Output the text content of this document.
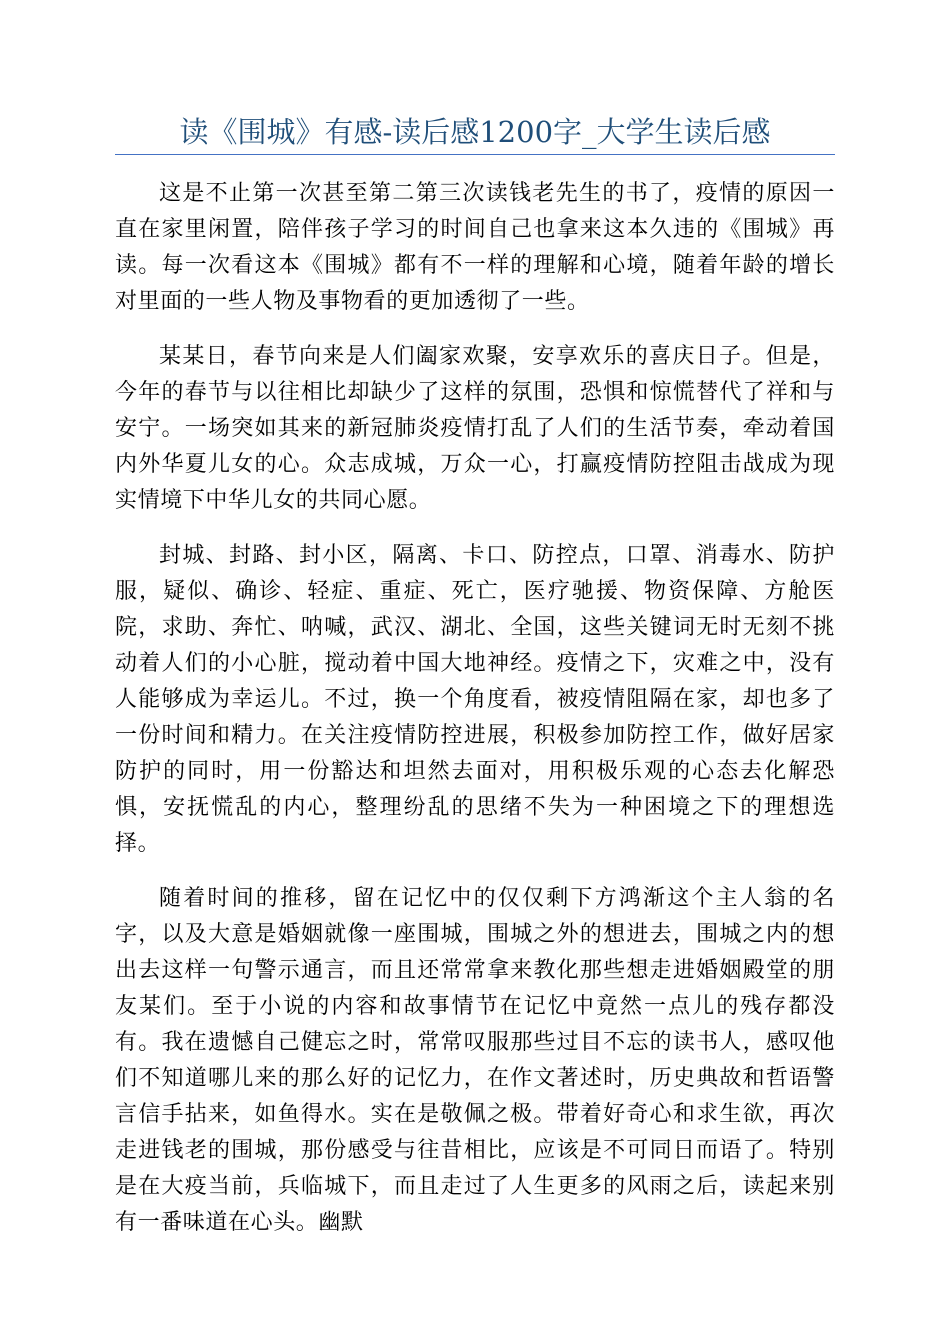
读《围城》有感-读后感1200字_大学生读后感

这是不止第一次甚至第二第三次读钱老先生的书了，疫情的原因一直在家里闲置，陪伴孩子学习的时间自己也拿来这本久违的《围城》再读。每一次看这本《围城》都有不一样的理解和心境，随着年龄的增长对里面的一些人物及事物看的更加透彻了一些。

某某日，春节向来是人们阖家欢聚，安享欢乐的喜庆日子。但是，今年的春节与以往相比却缺少了这样的氛围，恐惧和惊慌替代了祥和与安宁。一场突如其来的新冠肺炎疫情打乱了人们的生活节奏，牵动着国内外华夏儿女的心。众志成城，万众一心，打赢疫情防控阻击战成为现实情境下中华儿女的共同心愿。

封城、封路、封小区，隔离、卡口、防控点，口罩、消毒水、防护服，疑似、确诊、轻症、重症、死亡，医疗驰援、物资保障、方舱医院，求助、奔忙、呐喊，武汉、湖北、全国，这些关键词无时无刻不挑动着人们的小心脏，搅动着中国大地神经。疫情之下，灾难之中，没有人能够成为幸运儿。不过，换一个角度看，被疫情阻隔在家，却也多了一份时间和精力。在关注疫情防控进展，积极参加防控工作，做好居家防护的同时，用一份豁达和坦然去面对，用积极乐观的心态去化解恐惧，安抚慌乱的内心，整理纷乱的思绪不失为一种困境之下的理想选择。

随着时间的推移，留在记忆中的仅仅剩下方鸿渐这个主人翁的名字，以及大意是婚姻就像一座围城，围城之外的想进去，围城之内的想出去这样一句警示通言，而且还常常拿来教化那些想走进婚姻殿堂的朋友某们。至于小说的内容和故事情节在记忆中竟然一点儿的残存都没有。我在遗憾自己健忘之时，常常叹服那些过目不忘的读书人，感叹他们不知道哪儿来的那么好的记忆力，在作文著述时，历史典故和哲语警言信手拈来，如鱼得水。实在是敬佩之极。带着好奇心和求生欲，再次走进钱老的围城，那份感受与往昔相比，应该是不可同日而语了。特别是在大疫当前，兵临城下，而且走过了人生更多的风雨之后，读起来别有一番味道在心头。幽默
